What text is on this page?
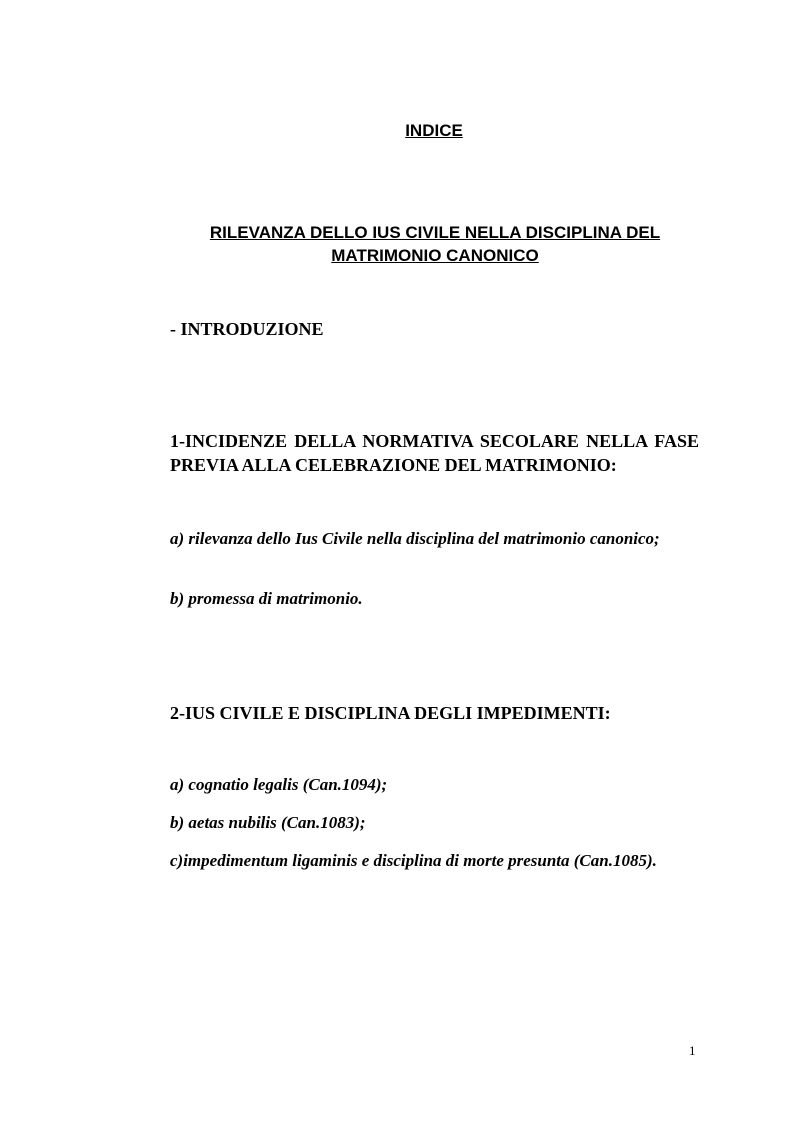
INDICE
RILEVANZA DELLO IUS CIVILE NELLA DISCIPLINA DEL MATRIMONIO CANONICO

- INTRODUZIONE

1-INCIDENZE DELLA NORMATIVA SECOLARE NELLA FASE PREVIA ALLA CELEBRAZIONE DEL MATRIMONIO:

a) rilevanza dello Ius Civile nella disciplina del matrimonio canonico;

b) promessa di matrimonio.

2-IUS CIVILE E DISCIPLINA DEGLI IMPEDIMENTI:

a) cognatio legalis (Can.1094);

b) aetas nubilis (Can.1083);

c)impedimentum ligaminis e disciplina di morte presunta (Can.1085).

1
